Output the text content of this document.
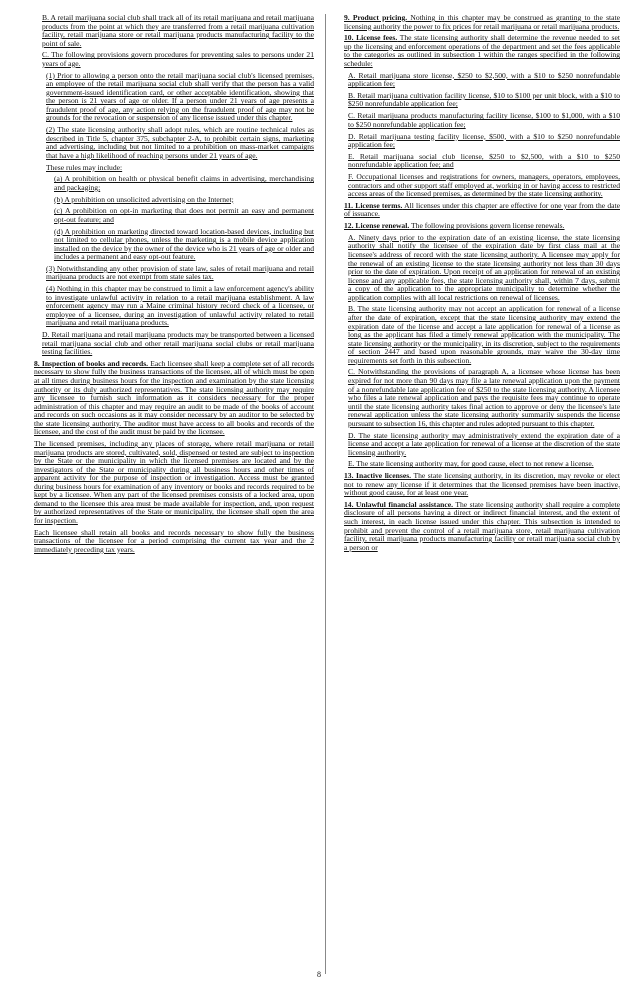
B. A retail marijuana social club shall track all of its retail marijuana and retail marijuana products from the point at which they are transferred from a retail marijuana cultivation facility, retail marijuana store or retail marijuana products manufacturing facility to the point of sale.

C. The following provisions govern procedures for preventing sales to persons under 21 years of age.

(1) Prior to allowing a person onto the retail marijuana social club's licensed premises, an employee of the retail marijuana social club shall verify that the person has a valid government-issued identification card, or other acceptable identification, showing that the person is 21 years of age or older. If a person under 21 years of age presents a fraudulent proof of age, any action relying on the fraudulent proof of age may not be grounds for the revocation or suspension of any license issued under this chapter.

(2) The state licensing authority shall adopt rules, which are routine technical rules as described in Title 5, chapter 375, subchapter 2-A, to prohibit certain signs, marketing and advertising, including but not limited to a prohibition on mass-market campaigns that have a high likelihood of reaching persons under 21 years of age.

These rules may include:

(a) A prohibition on health or physical benefit claims in advertising, merchandising and packaging;

(b) A prohibition on unsolicited advertising on the Internet;

(c) A prohibition on opt-in marketing that does not permit an easy and permanent opt-out feature; and

(d) A prohibition on marketing directed toward location-based devices, including but not limited to cellular phones, unless the marketing is a mobile device application installed on the device by the owner of the device who is 21 years of age or older and includes a permanent and easy opt-out feature.

(3) Notwithstanding any other provision of state law, sales of retail marijuana and retail marijuana products are not exempt from state sales tax.

(4) Nothing in this chapter may be construed to limit a law enforcement agency's ability to investigate unlawful activity in relation to a retail marijuana establishment. A law enforcement agency may run a Maine criminal history record check of a licensee, or employee of a licensee, during an investigation of unlawful activity related to retail marijuana and retail marijuana products.

D. Retail marijuana and retail marijuana products may be transported between a licensed retail marijuana social club and other retail marijuana social clubs or retail marijuana testing facilities.

8. Inspection of books and records. Each licensee shall keep a complete set of all records necessary to show fully the business transactions of the licensee, all of which must be open at all times during business hours for the inspection and examination by the state licensing authority or its duly authorized representatives. The state licensing authority may require any licensee to furnish such information as it considers necessary for the proper administration of this chapter and may require an audit to be made of the books of account and records on such occasions as it may consider necessary by an auditor to be selected by the state licensing authority. The auditor must have access to all books and records of the licensee, and the cost of the audit must be paid by the licensee.

The licensed premises, including any places of storage, where retail marijuana or retail marijuana products are stored, cultivated, sold, dispensed or tested are subject to inspection by the State or the municipality in which the licensed premises are located and by the investigators of the State or municipality during all business hours and other times of apparent activity for the purpose of inspection or investigation. Access must be granted during business hours for examination of any inventory or books and records required to be kept by a licensee. When any part of the licensed premises consists of a locked area, upon demand to the licensee this area must be made available for inspection, and, upon request by authorized representatives of the State or municipality, the licensee shall open the area for inspection.

Each licensee shall retain all books and records necessary to show fully the business transactions of the licensee for a period comprising the current tax year and the 2 immediately preceding tax years.

9. Product pricing. Nothing in this chapter may be construed as granting to the state licensing authority the power to fix prices for retail marijuana or retail marijuana products.

10. License fees. The state licensing authority shall determine the revenue needed to set up the licensing and enforcement operations of the department and set the fees applicable to the categories as outlined in subsection 1 within the ranges specified in the following schedule:

A. Retail marijuana store license, $250 to $2,500, with a $10 to $250 nonrefundable application fee;

B. Retail marijuana cultivation facility license, $10 to $100 per unit block, with a $10 to $250 nonrefundable application fee;

C. Retail marijuana products manufacturing facility license, $100 to $1,000, with a $10 to $250 nonrefundable application fee;

D. Retail marijuana testing facility license, $500, with a $10 to $250 nonrefundable application fee;

E. Retail marijuana social club license, $250 to $2,500, with a $10 to $250 nonrefundable application fee; and

F. Occupational licenses and registrations for owners, managers, operators, employees, contractors and other support staff employed at, working in or having access to restricted access areas of the licensed premises, as determined by the state licensing authority.

11. License terms. All licenses under this chapter are effective for one year from the date of issuance.

12. License renewal. The following provisions govern license renewals.

A. Ninety days prior to the expiration date of an existing license, the state licensing authority shall notify the licensee of the expiration date by first class mail at the licensee's address of record with the state licensing authority. A licensee may apply for the renewal of an existing license to the state licensing authority not less than 30 days prior to the date of expiration. Upon receipt of an application for renewal of an existing license and any applicable fees, the state licensing authority shall, within 7 days, submit a copy of the application to the appropriate municipality to determine whether the application complies with all local restrictions on renewal of licenses.

B. The state licensing authority may not accept an application for renewal of a license after the date of expiration, except that the state licensing authority may extend the expiration date of the license and accept a late application for renewal of a license as long as the applicant has filed a timely renewal application with the municipality. The state licensing authority or the municipality, in its discretion, subject to the requirements of section 2447 and based upon reasonable grounds, may waive the 30-day time requirements set forth in this subsection.

C. Notwithstanding the provisions of paragraph A, a licensee whose license has been expired for not more than 90 days may file a late renewal application upon the payment of a nonrefundable late application fee of $250 to the state licensing authority. A licensee who files a late renewal application and pays the requisite fees may continue to operate until the state licensing authority takes final action to approve or deny the licensee's late renewal application unless the state licensing authority summarily suspends the license pursuant to subsection 16, this chapter and rules adopted pursuant to this chapter.

D. The state licensing authority may administratively extend the expiration date of a license and accept a late application for renewal of a license at the discretion of the state licensing authority.

E. The state licensing authority may, for good cause, elect to not renew a license.

13. Inactive licenses. The state licensing authority, in its discretion, may revoke or elect not to renew any license if it determines that the licensed premises have been inactive, without good cause, for at least one year.

14. Unlawful financial assistance. The state licensing authority shall require a complete disclosure of all persons having a direct or indirect financial interest, and the extent of such interest, in each license issued under this chapter. This subsection is intended to prohibit and prevent the control of a retail marijuana store, retail marijuana cultivation facility, retail marijuana products manufacturing facility or retail marijuana social club by a person or

8
